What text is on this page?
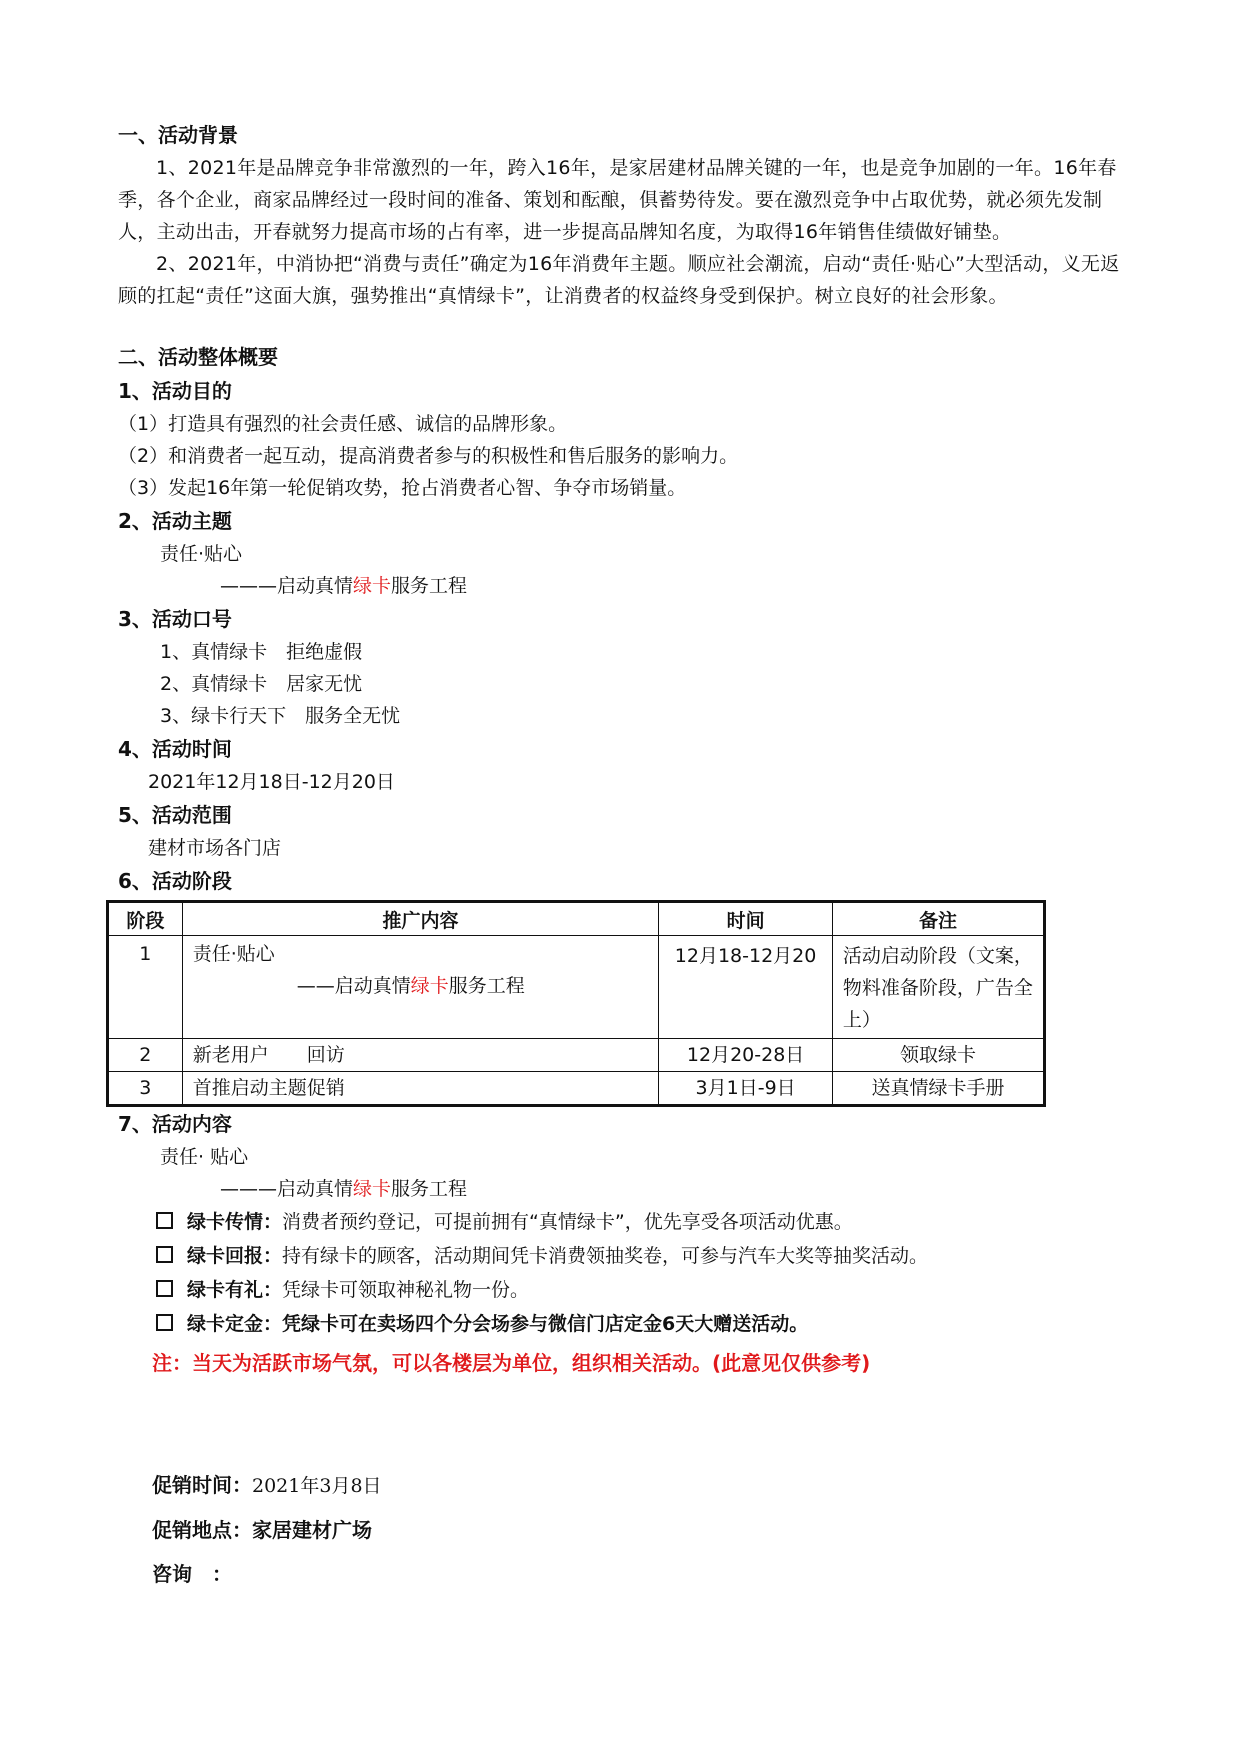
一、活动背景
1、2021年是品牌竞争非常激烈的一年，跨入16年，是家居建材品牌关键的一年，也是竞争加剧的一年。16年春季，各个企业，商家品牌经过一段时间的准备、策划和酝酿，俱蓄势待发。要在激烈竞争中占取优势，就必须先发制人，主动出击，开春就努力提高市场的占有率，进一步提高品牌知名度，为取得16年销售佳绩做好铺垫。
2、2021年，中消协把“消费与责任”确定为16年消费年主题。顺应社会潮流，启动“责任·贴心”大型活动，义无返顾的扛起“责任”这面大旗，强势推出“真情绿卡”，让消费者的权益终身受到保护。树立良好的社会形象。
二、活动整体概要
1、活动目的
（1）打造具有强烈的社会责任感、诚信的品牌形象。
（2）和消费者一起互动，提高消费者参与的积极性和售后服务的影响力。
（3）发起16年第一轮促销攻势，抢占消费者心智、争夺市场销量。
2、活动主题
责任·贴心
———启动真情绿卡服务工程
3、活动口号
1、真情绿卡　拒绝虚假
2、真情绿卡　居家无忧
3、绿卡行天下　服务全无忧
4、活动时间
2021年12月18日-12月20日
5、活动范围
建材市场各门店
6、活动阶段
阶段	推广内容	时间	备注
1	责任·贴心
——启动真情绿卡服务工程	12月18-12月20	活动启动阶段（文案，物料准备阶段，广告全上）
2	新老用户　　回访	12月20-28日	领取绿卡
3	首推启动主题促销	3月1日-9日	送真情绿卡手册
7、活动内容
责任· 贴心
———启动真情绿卡服务工程
绿卡传情：消费者预约登记，可提前拥有“真情绿卡”，优先享受各项活动优惠。
绿卡回报：持有绿卡的顾客，活动期间凭卡消费领抽奖卷，可参与汽车大奖等抽奖活动。
绿卡有礼：凭绿卡可领取神秘礼物一份。
绿卡定金：凭绿卡可在卖场四个分会场参与微信门店定金6天大赠送活动。
注：当天为活跃市场气氛，可以各楼层为单位，组织相关活动。(此意见仅供参考)
促销时间：2021年3月8日
促销地点：家居建材广场
咨询　：
